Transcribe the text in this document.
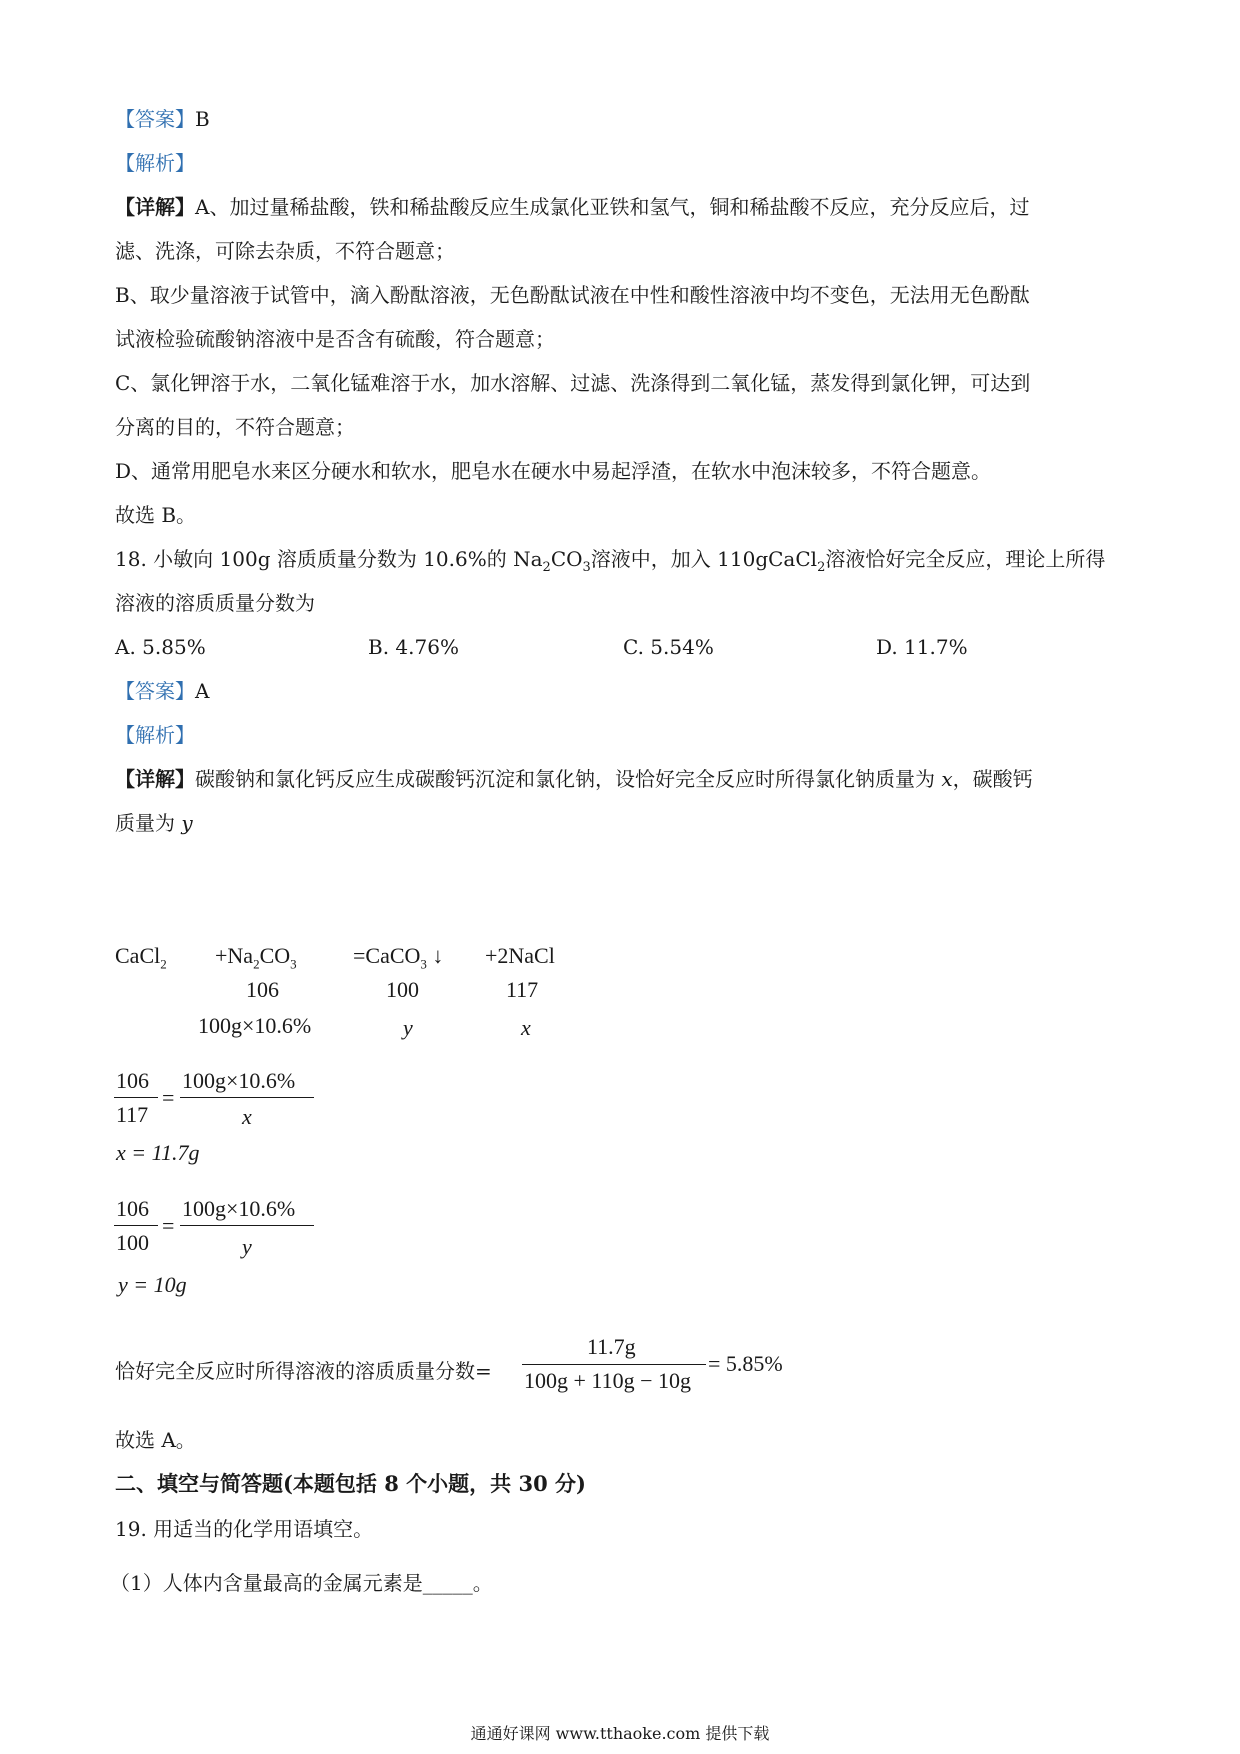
【答案】B
【解析】
【详解】A、加过量稀盐酸，铁和稀盐酸反应生成氯化亚铁和氢气，铜和稀盐酸不反应，充分反应后，过
滤、洗涤，可除去杂质，不符合题意；
B、取少量溶液于试管中，滴入酚酞溶液，无色酚酞试液在中性和酸性溶液中均不变色，无法用无色酚酞
试液检验硫酸钠溶液中是否含有硫酸，符合题意；
C、氯化钾溶于水，二氧化锰难溶于水，加水溶解、过滤、洗涤得到二氧化锰，蒸发得到氯化钾，可达到
分离的目的，不符合题意；
D、通常用肥皂水来区分硬水和软水，肥皂水在硬水中易起浮渣，在软水中泡沫较多，不符合题意。
故选 B。
18. 小敏向 100g 溶质质量分数为 10.6%的 $Na_2CO_3$溶液中，加入 110gCaCl$_2$溶液恰好完全反应，理论上所得
溶液的溶质质量分数为
A. 5.85%	B. 4.76%	C. 5.54%	D. 11.7%
【答案】A
【解析】
【详解】碳酸钠和氯化钙反应生成碳酸钙沉淀和氯化钠，设恰好完全反应时所得氯化钠质量为 x，碳酸钙
质量为 y
CaCl$_2$ $+Na_2CO_3$	=CaCO$_3$ ↓ +2NaCl
106	100	117
100g×10.6%	y	x
106
117
=
100g×10.6%
x
x = 11.7g
106
100
=
100g×10.6%
y
y = 10g
恰好完全反应时所得溶液的溶质质量分数=
11.7g
100g + 110g − 10g
= 5.85%
故选 A。
二、填空与简答题(本题包括 8 个小题，共 30 分)
19. 用适当的化学用语填空。
（1）人体内含量最高的金属元素是_____。
通通好课网 www.tthaoke.com 提供下载
